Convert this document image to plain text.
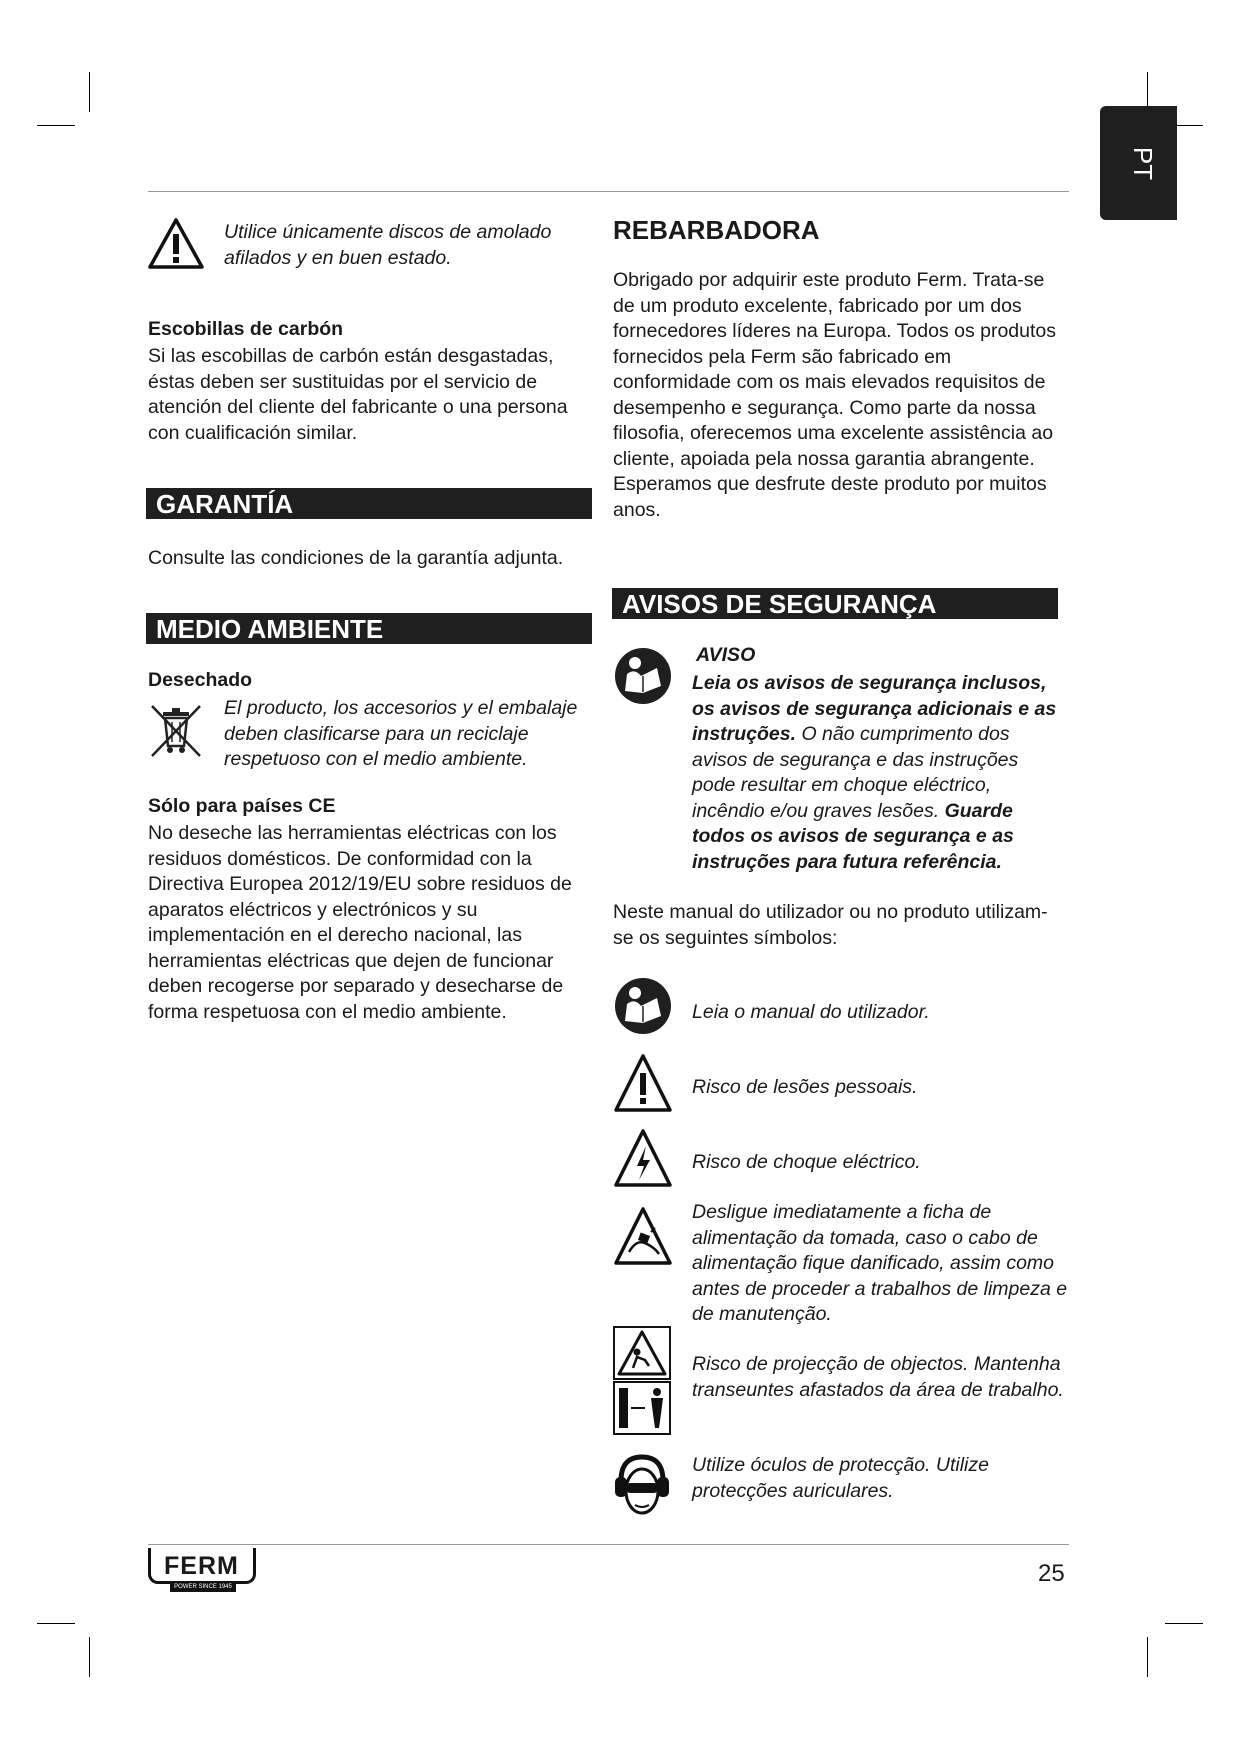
PT
Utilice únicamente discos de amolado afilados y en buen estado.
Escobillas de carbón
Si las escobillas de carbón están desgastadas, éstas deben ser sustituidas por el servicio de atención del cliente del fabricante o una persona con cualificación similar.
GARANTÍA
Consulte las condiciones de la garantía adjunta.
MEDIO AMBIENTE
Desechado
El producto, los accesorios y el embalaje deben clasificarse para un reciclaje respetuoso con el medio ambiente.
Sólo para países CE
No deseche las herramientas eléctricas con los residuos domésticos. De conformidad con la Directiva Europea 2012/19/EU sobre residuos de aparatos eléctricos y electrónicos y su implementación en el derecho nacional, las herramientas eléctricas que dejen de funcionar deben recogerse por separado y desecharse de forma respetuosa con el medio ambiente.
REBARBADORA
Obrigado por adquirir este produto Ferm. Trata-se de um produto excelente, fabricado por um dos fornecedores líderes na Europa. Todos os produtos fornecidos pela Ferm são fabricado em conformidade com os mais elevados requisitos de desempenho e segurança. Como parte da nossa filosofia, oferecemos uma excelente assistência ao cliente, apoiada pela nossa garantia abrangente. Esperamos que desfrute deste produto por muitos anos.
AVISOS DE SEGURANÇA
AVISO
Leia os avisos de segurança inclusos, os avisos de segurança adicionais e as instruções. O não cumprimento dos avisos de segurança e das instruções pode resultar em choque eléctrico, incêndio e/ou graves lesões. Guarde todos os avisos de segurança e as instruções para futura referência.
Neste manual do utilizador ou no produto utilizam-se os seguintes símbolos:
Leia o manual do utilizador.
Risco de lesões pessoais.
Risco de choque eléctrico.
Desligue imediatamente a ficha de alimentação da tomada, caso o cabo de alimentação fique danificado, assim como antes de proceder a trabalhos de limpeza e de manutenção.
Risco de projecção de objectos. Mantenha transeuntes afastados da área de trabalho.
Utilize óculos de protecção. Utilize protecções auriculares.
FERM
POWER SINCE 1945	25
